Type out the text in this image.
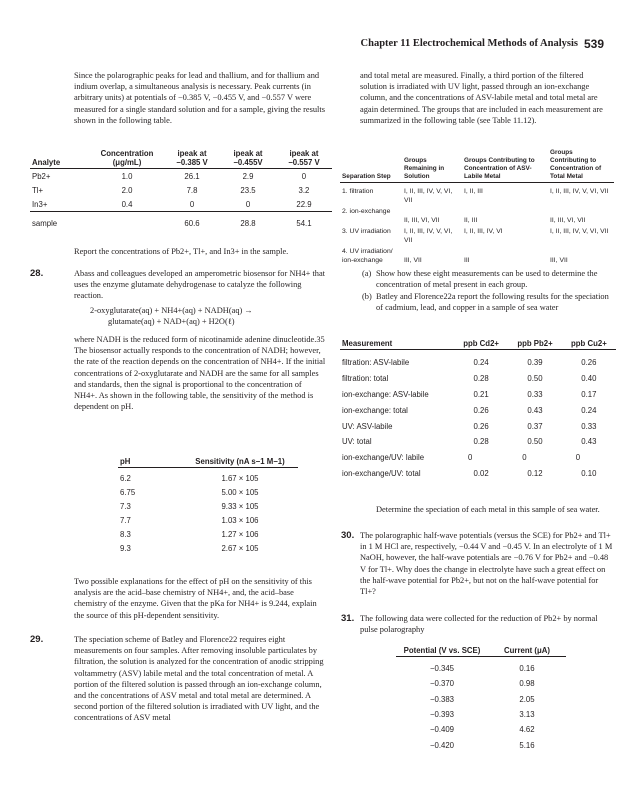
Chapter 11 Electrochemical Methods of Analysis 539
Since the polarographic peaks for lead and thallium, and for thallium and indium overlap, a simultaneous analysis is necessary. Peak currents (in arbitrary units) at potentials of −0.385 V, −0.455 V, and −0.557 V were measured for a single standard solution and for a sample, giving the results shown in the following table.
Analyte	Concentration (μg/mL)	ipeak at −0.385 V	ipeak at −0.455V	ipeak at −0.557 V
Pb2+	1.0	26.1	2.9	0
Tl+	2.0	7.8	23.5	3.2
In3+	0.4	0	0	22.9
sample		60.6	28.8	54.1
Report the concentrations of Pb2+, Tl+, and In3+ in the sample.
28.	Abass and colleagues developed an amperometric biosensor for NH4+ that uses the enzyme glutamate dehydrogenase to catalyze the following reaction.
2-oxyglutarate(aq) + NH4+(aq) + NADH(aq) →
glutamate(aq) + NAD+(aq) + H2O(ℓ)
where NADH is the reduced form of nicotinamide adenine dinucleotide.35 The biosensor actually responds to the concentration of NADH; however, the rate of the reaction depends on the concentration of NH4+. If the initial concentrations of 2-oxyglutarate and NADH are the same for all samples and standards, then the signal is proportional to the concentration of NH4+. As shown in the following table, the sensitivity of the method is dependent on pH.
pH	Sensitivity (nA s−1 M−1)
6.2	1.67 × 105
6.75	5.00 × 105
7.3	9.33 × 105
7.7	1.03 × 106
8.3	1.27 × 106
9.3	2.67 × 105
Two possible explanations for the effect of pH on the sensitivity of this analysis are the acid–base chemistry of NH4+, and, the acid–base chemistry of the enzyme. Given that the pKa for NH4+ is 9.244, explain the source of this pH-dependent sensitivity.
29.	The speciation scheme of Batley and Florence22 requires eight measurements on four samples. After removing insoluble particulates by filtration, the solution is analyzed for the concentration of anodic stripping voltammetry (ASV) labile metal and the total concentration of metal. A portion of the filtered solution is passed through an ion-exchange column, and the concentrations of ASV metal and total metal are determined. A second portion of the filtered solution is irradiated with UV light, and the concentrations of ASV metal
and total metal are measured. Finally, a third portion of the filtered solution is irradiated with UV light, passed through an ion-exchange column, and the concentrations of ASV-labile metal and total metal are again determined. The groups that are included in each measurement are summarized in the following table (see Table 11.12).
Separation Step	Groups Remaining in Solution	Groups Contributing to Concentration of ASV- Labile Metal	Groups Contributing to Concentration of Total Metal
1. filtration	I, II, III, IV, V, VI, VII	I, II, III	I, II, III, IV, V, VI, VII
2. ion-exchange	II, III, VI, VII	II, III	II, III, VI, VII
3. UV irradiation	I, II, III, IV, V, VI, VII	I, II, III, IV, VI	I, II, III, IV, V, VI, VII
4. UV irradiation/ ion-exchange	III, VII	III	III, VII
(a) Show how these eight measurements can be used to determine the concentration of metal present in each group.
(b) Batley and Florence22a report the following results for the speciation of cadmium, lead, and copper in a sample of sea water
Measurement	ppb Cd2+	ppb Pb2+	ppb Cu2+
filtration: ASV-labile	0.24	0.39	0.26
filtration: total	0.28	0.50	0.40
ion-exchange: ASV-labile	0.21	0.33	0.17
ion-exchange: total	0.26	0.43	0.24
UV: ASV-labile	0.26	0.37	0.33
UV: total	0.28	0.50	0.43
ion-exchange/UV: labile	0	0	0
ion-exchange/UV: total	0.02	0.12	0.10
Determine the speciation of each metal in this sample of sea water.
30. The polarographic half-wave potentials (versus the SCE) for Pb2+ and Tl+ in 1 M HCl are, respectively, −0.44 V and −0.45 V. In an electrolyte of 1 M NaOH, however, the half-wave potentials are −0.76 V for Pb2+ and −0.48 V for Tl+. Why does the change in electrolyte have such a great effect on the half-wave potential for Pb2+, but not on the half-wave potential for Tl+?
31. The following data were collected for the reduction of Pb2+ by normal pulse polarography
Potential (V vs. SCE)	Current (μA)
−0.345	0.16
−0.370	0.98
−0.383	2.05
−0.393	3.13
−0.409	4.62
−0.420	5.16
